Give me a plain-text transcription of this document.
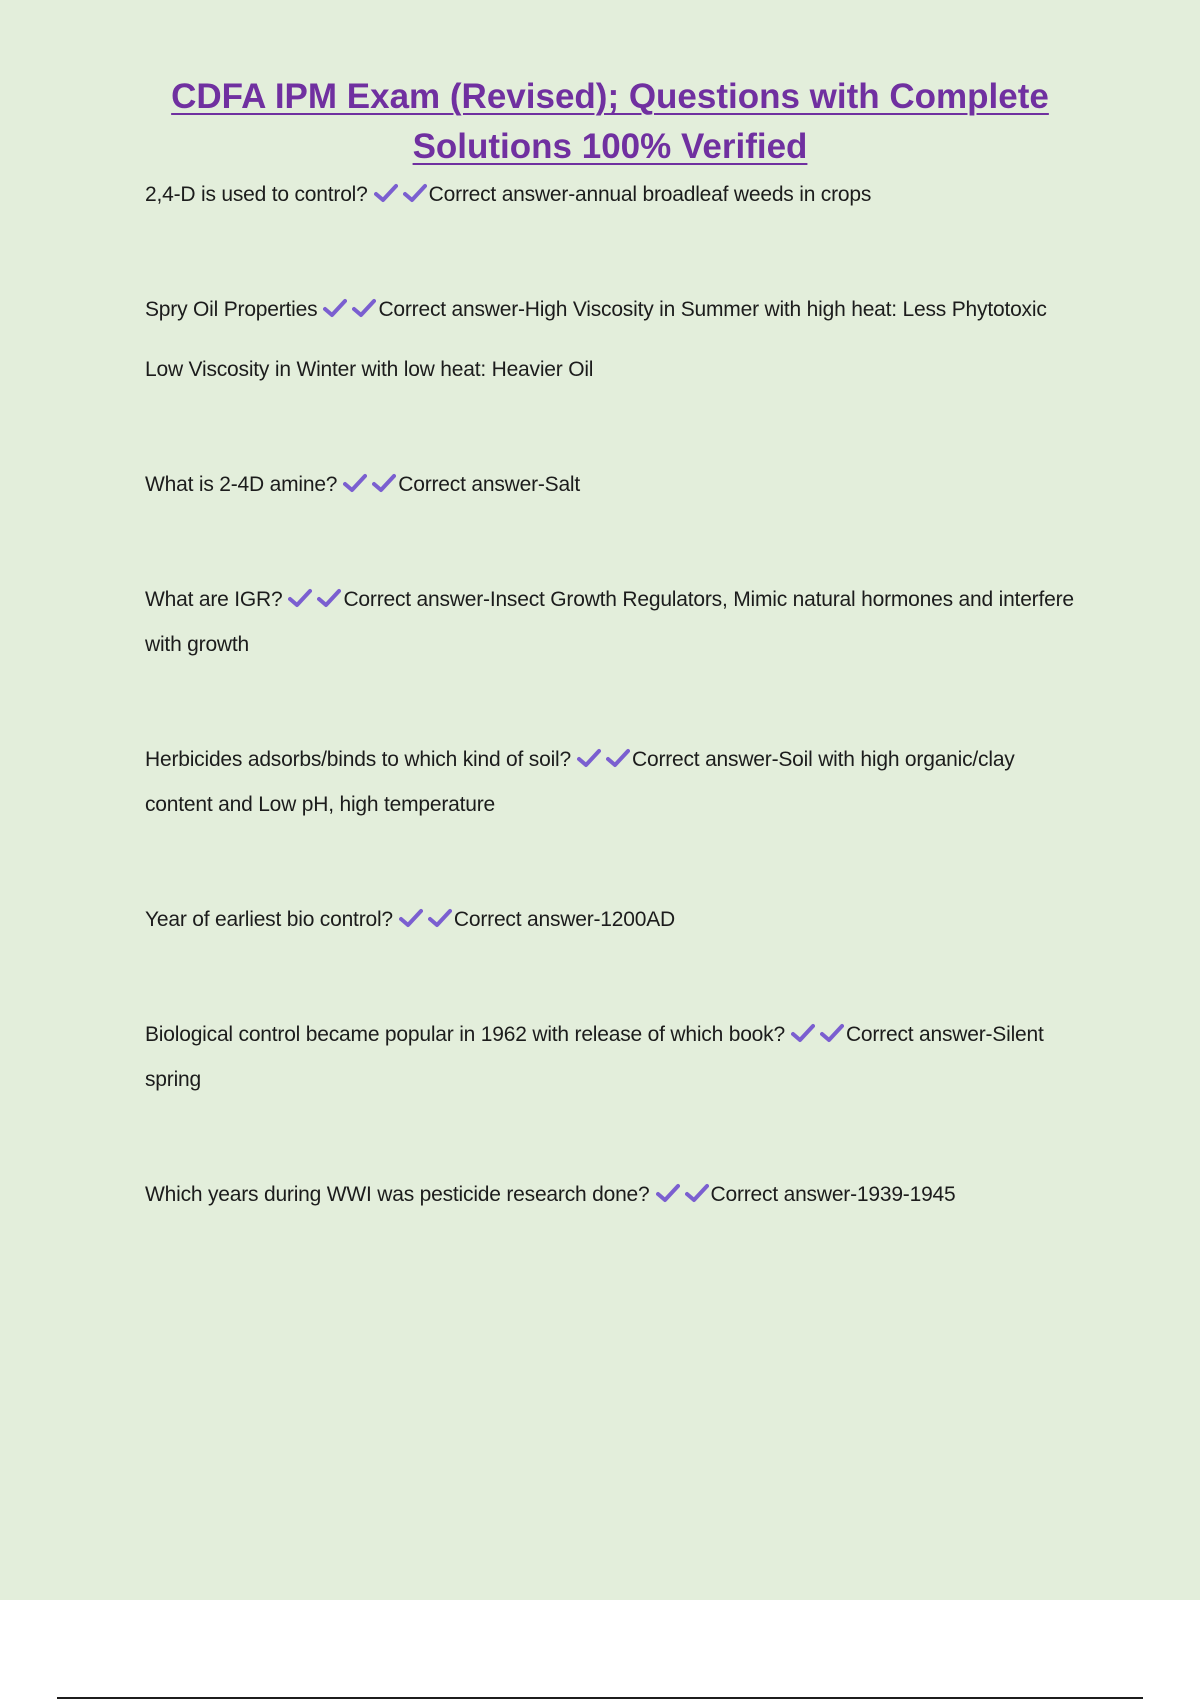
CDFA IPM Exam (Revised); Questions with Complete
Solutions 100% Verified

2,4-D is used to control?	Correct answer-annual broadleaf weeds in crops

Spry Oil Properties	Correct answer-High Viscosity in Summer with high heat: Less Phytotoxic

Low Viscosity in Winter with low heat: Heavier Oil

What is 2-4D amine?	Correct answer-Salt

What are IGR?	Correct answer-Insect Growth Regulators, Mimic natural hormones and interfere with growth

Herbicides adsorbs/binds to which kind of soil?	Correct answer-Soil with high organic/clay content and Low pH, high temperature

Year of earliest bio control?	Correct answer-1200AD

Biological control became popular in 1962 with release of which book?	Correct answer-Silent spring

Which years during WWI was pesticide research done?	Correct answer-1939-1945
